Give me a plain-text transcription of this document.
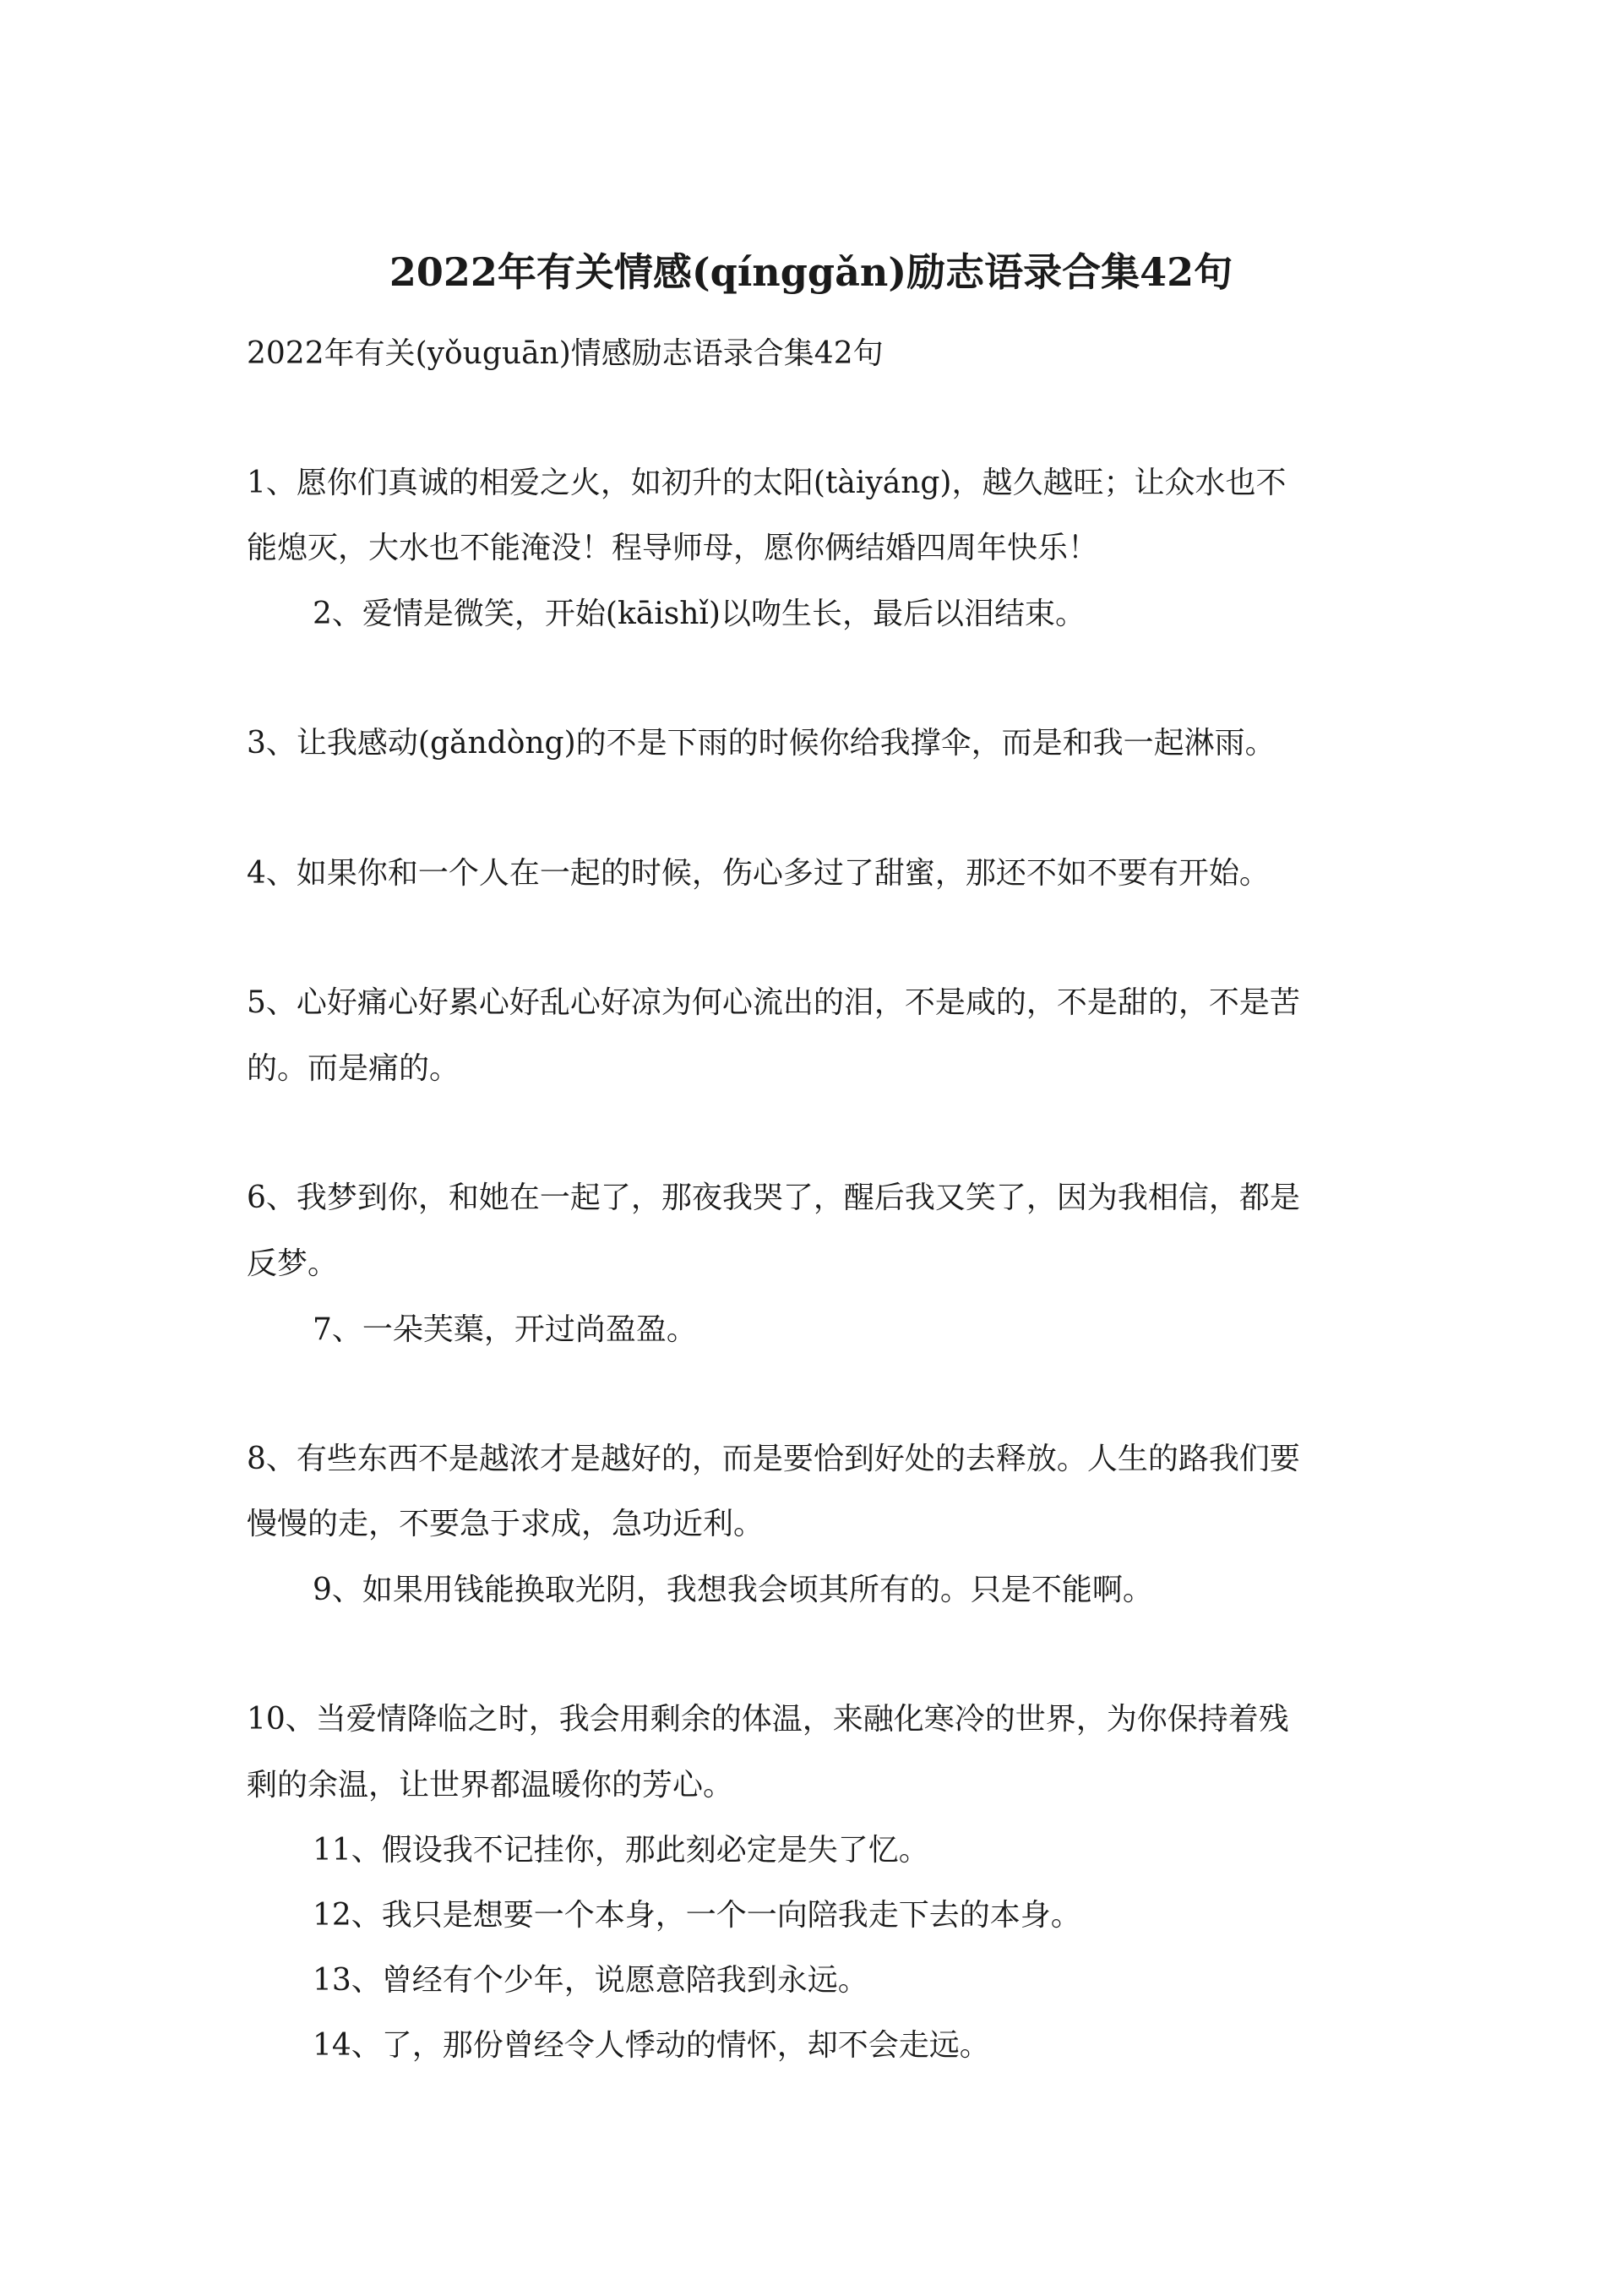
2022年有关情感(qínggǎn)励志语录合集42句
2022年有关(yǒuguān)情感励志语录合集42句
1、愿你们真诚的相爱之火，如初升的太阳(tàiyáng)，越久越旺；让众水也不
能熄灭，大水也不能淹没！程导师母，愿你俩结婚四周年快乐！
2、爱情是微笑，开始(kāishǐ)以吻生长，最后以泪结束。
3、让我感动(gǎndòng)的不是下雨的时候你给我撑伞，而是和我一起淋雨。
4、如果你和一个人在一起的时候，伤心多过了甜蜜，那还不如不要有开始。
5、心好痛心好累心好乱心好凉为何心流出的泪，不是咸的，不是甜的，不是苦
的。而是痛的。
6、我梦到你，和她在一起了，那夜我哭了，醒后我又笑了，因为我相信，都是
反梦。
7、一朵芙蕖，开过尚盈盈。
8、有些东西不是越浓才是越好的，而是要恰到好处的去释放。人生的路我们要
慢慢的走，不要急于求成，急功近利。
9、如果用钱能换取光阴，我想我会顷其所有的。只是不能啊。
10、当爱情降临之时，我会用剩余的体温，来融化寒冷的世界，为你保持着残
剩的余温，让世界都温暖你的芳心。
11、假设我不记挂你，那此刻必定是失了忆。
12、我只是想要一个本身，一个一向陪我走下去的本身。
13、曾经有个少年，说愿意陪我到永远。
14、了，那份曾经令人悸动的情怀，却不会走远。
